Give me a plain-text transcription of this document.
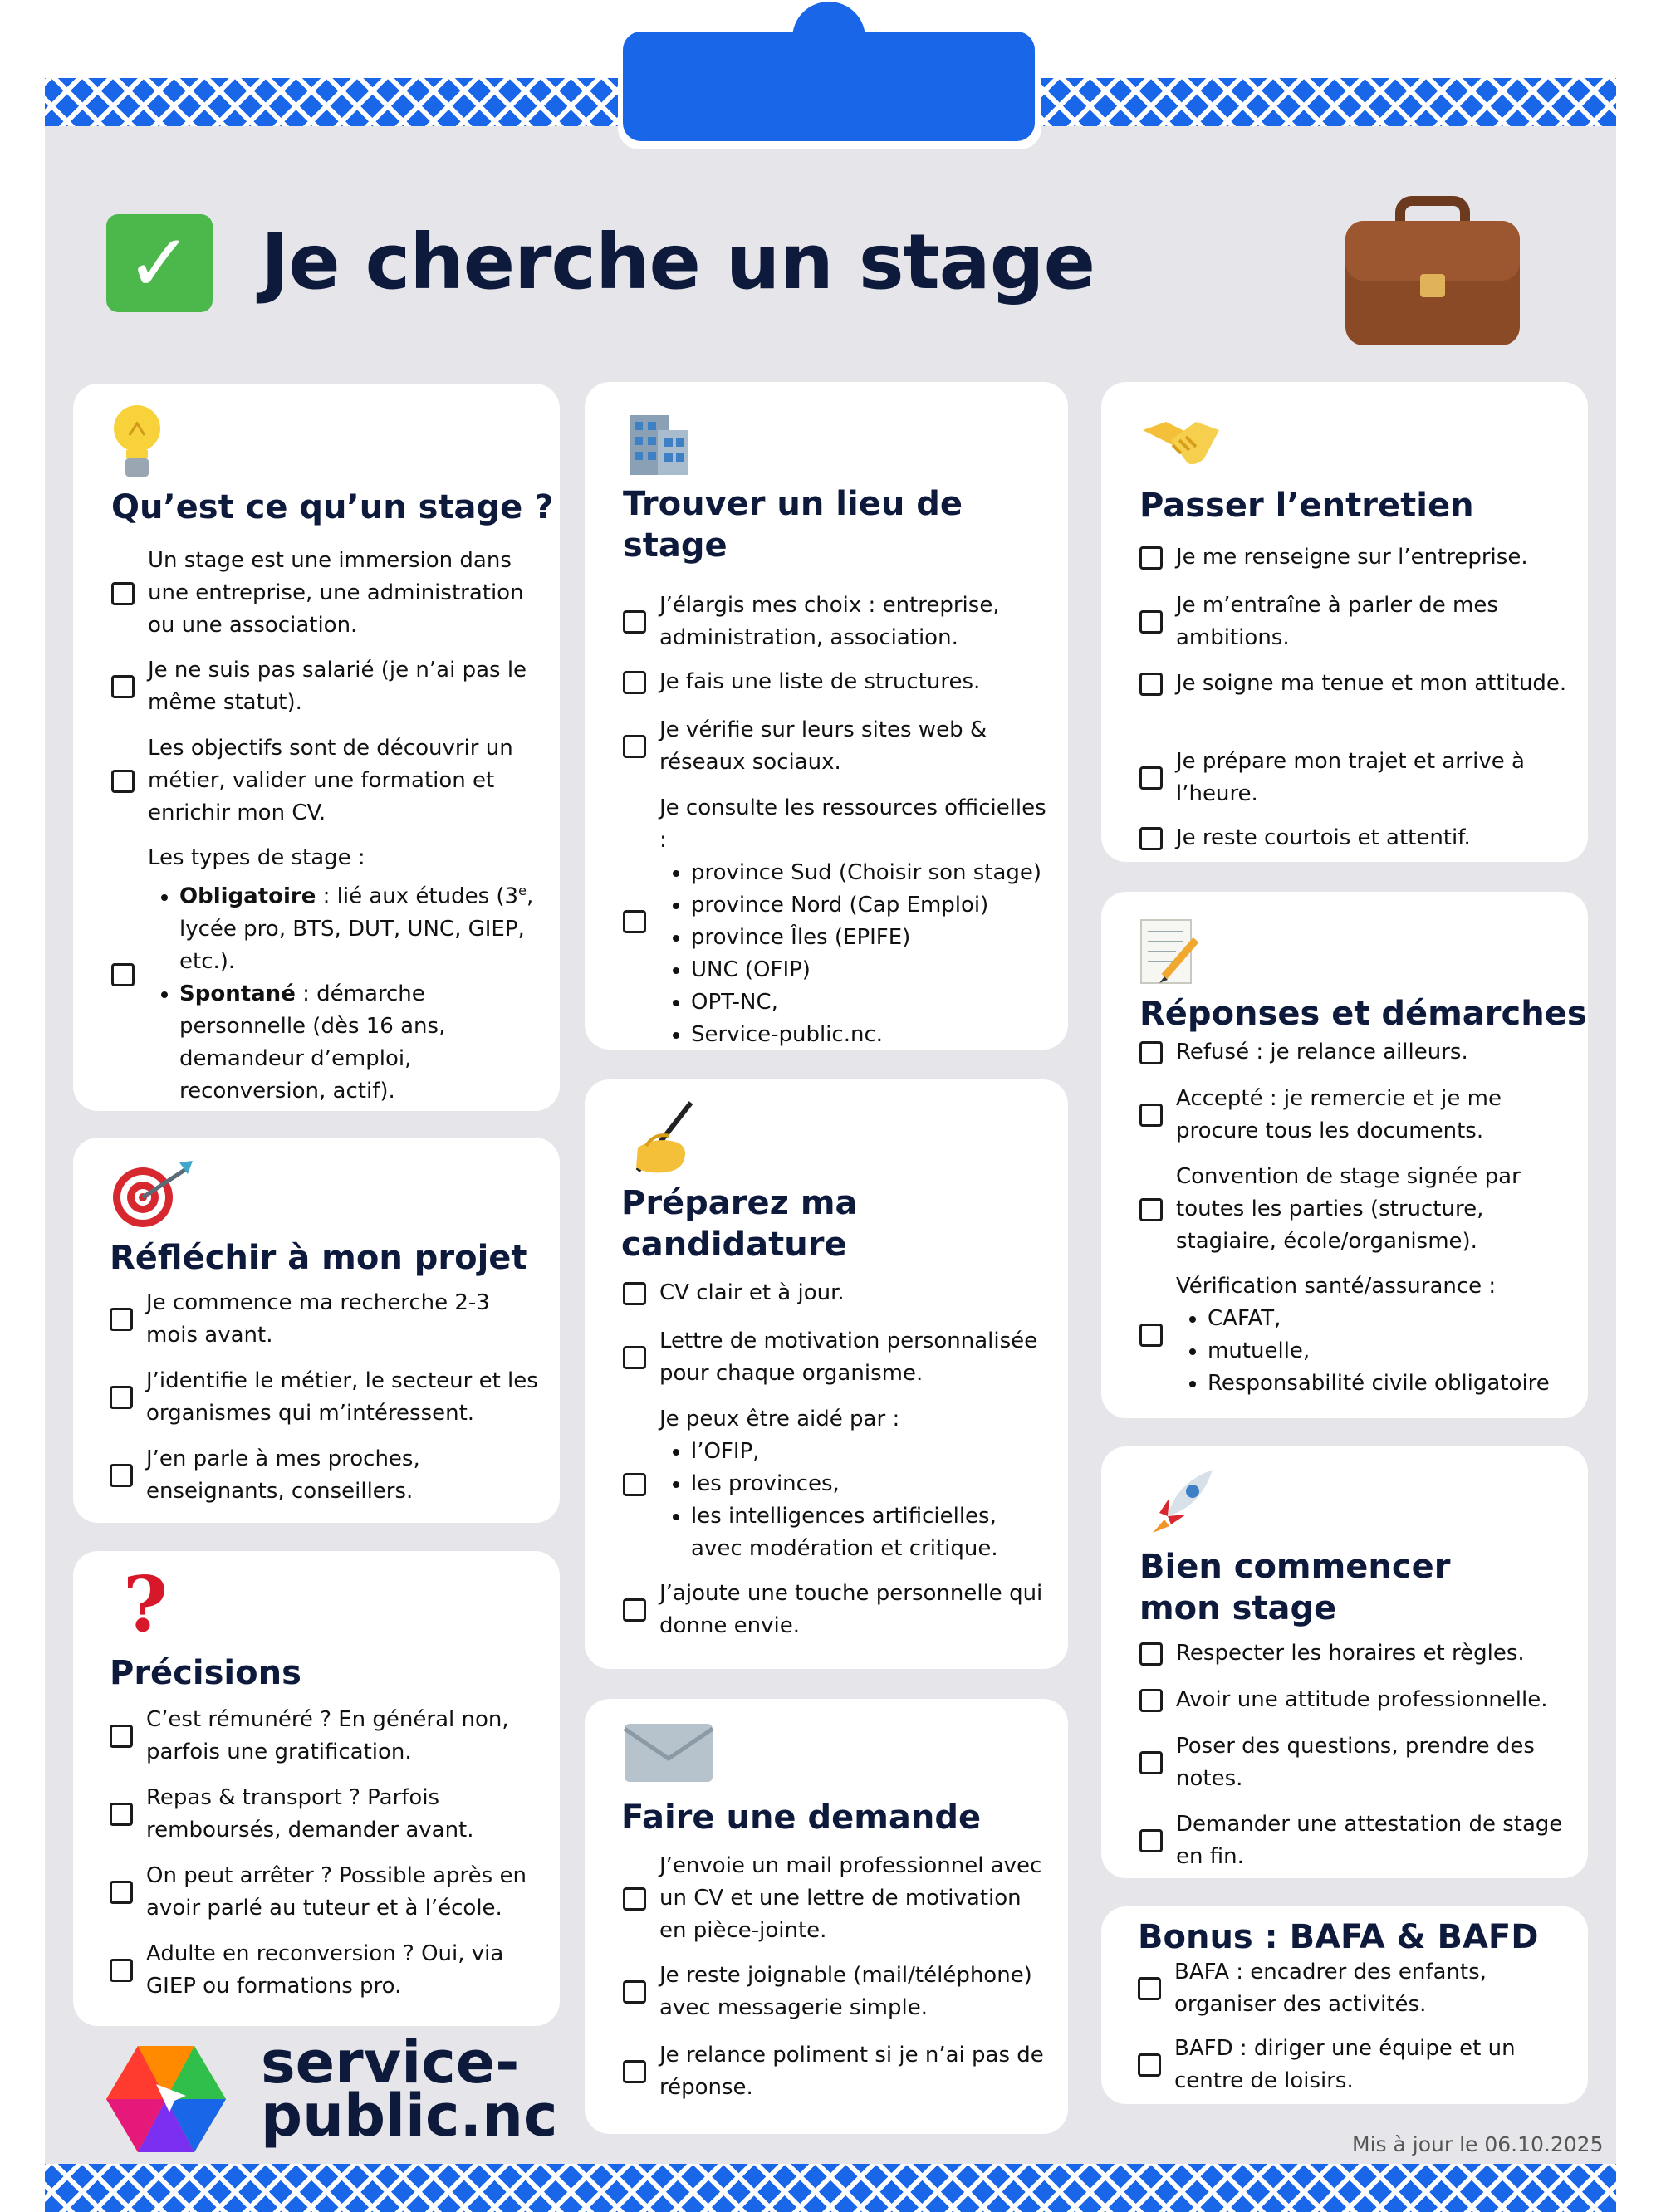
✓ Je cherche un stage
Qu’est ce qu’un stage ?
Un stage est une immersion dans une entreprise, une administration ou une association.
Je ne suis pas salarié (je n’ai pas le même statut).
Les objectifs sont de découvrir un métier, valider une formation et enrichir mon CV.
Les types de stage :
• Obligatoire : lié aux études (3e, lycée pro, BTS, DUT, UNC, GIEP, etc.).
• Spontané : démarche personnelle (dès 16 ans, demandeur d’emploi, reconversion, actif).
Réfléchir à mon projet
Je commence ma recherche 2-3 mois avant.
J’identifie le métier, le secteur et les organismes qui m’intéressent.
J’en parle à mes proches, enseignants, conseillers.
?
Précisions
C’est rémunéré ? En général non, parfois une gratification.
Repas & transport ? Parfois remboursés, demander avant.
On peut arrêter ? Possible après en avoir parlé au tuteur et à l’école.
Adulte en reconversion ? Oui, via GIEP ou formations pro.
Trouver un lieu de stage
J’élargis mes choix : entreprise, administration, association.
Je fais une liste de structures.
Je vérifie sur leurs sites web & réseaux sociaux.
Je consulte les ressources officielles :
• province Sud (Choisir son stage)
• province Nord (Cap Emploi)
• province Îles (EPIFE)
• UNC (OFIP)
• OPT-NC,
• Service-public.nc.
Préparez ma candidature
CV clair et à jour.
Lettre de motivation personnalisée pour chaque organisme.
Je peux être aidé par :
• l’OFIP,
• les provinces,
• les intelligences artificielles, avec modération et critique.
J’ajoute une touche personnelle qui donne envie.
Faire une demande
J’envoie un mail professionnel avec un CV et une lettre de motivation en pièce-jointe.
Je reste joignable (mail/téléphone) avec messagerie simple.
Je relance poliment si je n’ai pas de réponse.
Passer l’entretien
Je me renseigne sur l’entreprise.
Je m’entraîne à parler de mes ambitions.
Je soigne ma tenue et mon attitude.
Je prépare mon trajet et arrive à l’heure.
Je reste courtois et attentif.
Réponses et démarches
Refusé : je relance ailleurs.
Accepté : je remercie et je me procure tous les documents.
Convention de stage signée par toutes les parties (structure, stagiaire, école/organisme).
Vérification santé/assurance :
• CAFAT,
• mutuelle,
• Responsabilité civile obligatoire
Bien commencer mon stage
Respecter les horaires et règles.
Avoir une attitude professionnelle.
Poser des questions, prendre des notes.
Demander une attestation de stage en fin.
Bonus : BAFA & BAFD
BAFA : encadrer des enfants, organiser des activités.
BAFD : diriger une équipe et un centre de loisirs.
service-
public.nc	Mis à jour le 06.10.2025
